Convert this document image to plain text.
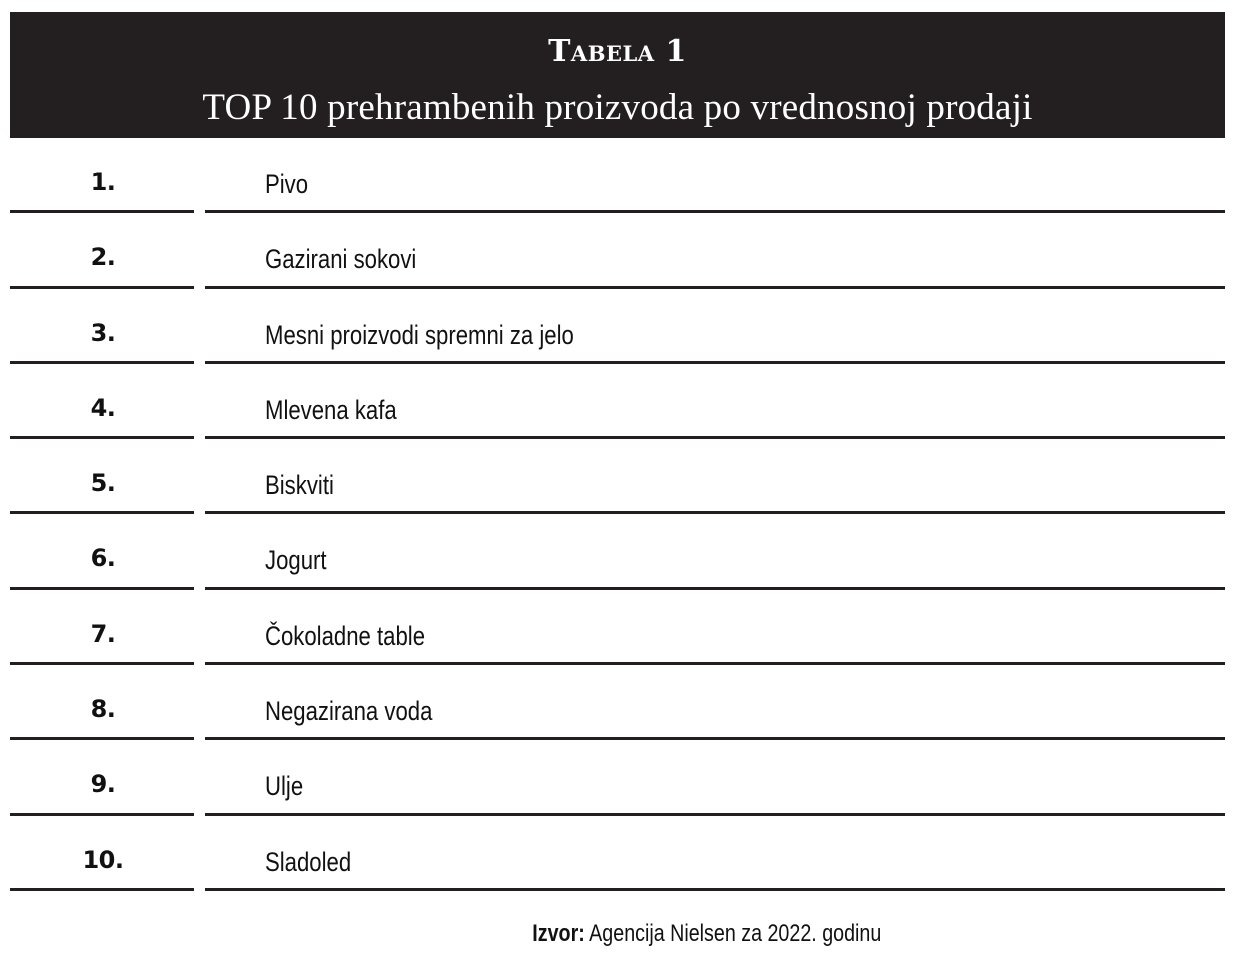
Tabela 1
TOP 10 prehrambenih proizvoda po vrednosnoj prodaji
1.	Pivo
2.	Gazirani sokovi
3.	Mesni proizvodi spremni za jelo
4.	Mlevena kafa
5.	Biskviti
6.	Jogurt
7.	Čokoladne table
8.	Negazirana voda
9.	Ulje
10.	Sladoled
Izvor: Agencija Nielsen za 2022. godinu
